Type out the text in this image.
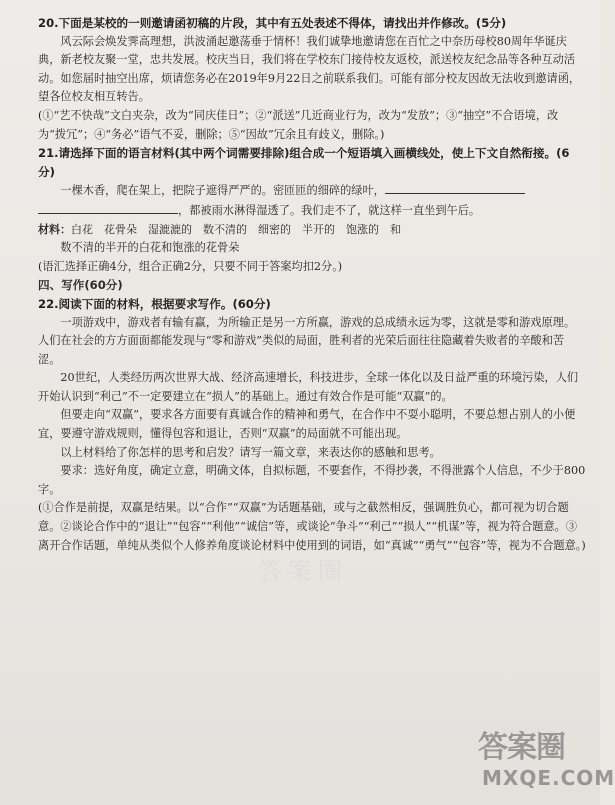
20.下面是某校的一则邀请函初稿的片段，其中有五处表述不得体，请找出并作修改。(5分)

风云际会焕发霁高理想，洪波涌起邀荡垂于情杯！我们诚挚地邀请您在百忙之中奈历母校80周年华诞庆典，新老校友聚一堂，忠共发展。校庆当日，我们将在学校东门接侍校友返校，派送校友纪念品等各种互动活动。如您届时抽空出席，烦请您务必在2019年9月22日之前联系我们。可能有部分校友因故无法收到邀请函，望各位校友相互转告。

(①“艺不快哉”文白夹杂，改为“同庆佳日”；②“派送”几近商业行为，改为“发放”；③“抽空”不合语境，改为“拨冗”；④“务必”语气不妥，删除；⑤“因故”冗余且有歧义，删除。)

21.请选择下面的语言材料(其中两个词需要排除)组合成一个短语填入画横线处，使上下文自然衔接。(6分)

一棵木香，爬在架上，把院子遮得严严的。密匝匝的细碎的绿叶，

，都被雨水淋得湿透了。我们走不了，就这样一直坐到午后。

材料：白花　花骨朵　湿漉漉的　数不清的　细密的　半开的　饱涨的　和

数不清的半开的白花和饱涨的花骨朵

(语汇选择正确4分，组合正确2分，只要不同于答案均扣2分。)

四、写作(60分)

22.阅读下面的材料，根据要求写作。(60分)

一项游戏中，游戏者有输有赢，为所输正是另一方所赢，游戏的总成绩永远为零，这就是零和游戏原理。人们在社会的方方面面都能发现与“零和游戏”类似的局面，胜利者的光荣后面往往隐藏着失败者的辛酸和苦涩。

20世纪，人类经历两次世界大战、经济高速增长，科技进步，全球一体化以及日益严重的环境污染，人们开始认识到“利己”不一定要建立在“损人”的基础上。通过有效合作是可能“双赢”的。

但要走向“双赢”，要求各方面要有真诚合作的精神和勇气，在合作中不耍小聪明，不要总想占别人的小便宜，要遵守游戏规则，懂得包容和退让，否则“双赢”的局面就不可能出现。

以上材料给了你怎样的思考和启发？请写一篇文章，来表达你的感触和思考。

要求：选好角度，确定立意，明确文体，自拟标题，不要套作，不得抄袭，不得泄露个人信息，不少于800字。

(①合作是前提，双赢是结果。以“合作”“双赢”为话题基础，或与之截然相反，强调胜负心，都可视为切合题意。②谈论合作中的“退让”“包容”“利他”“诚信”等，或谈论“争斗”“利己”“损人”“机谋”等，视为符合题意。③离开合作话题，单纯从类似个人修养角度谈论材料中使用到的词语，如“真诚”“勇气”“包容”等，视为不合题意。)

答案圈
答案圈
MXQE.COM
